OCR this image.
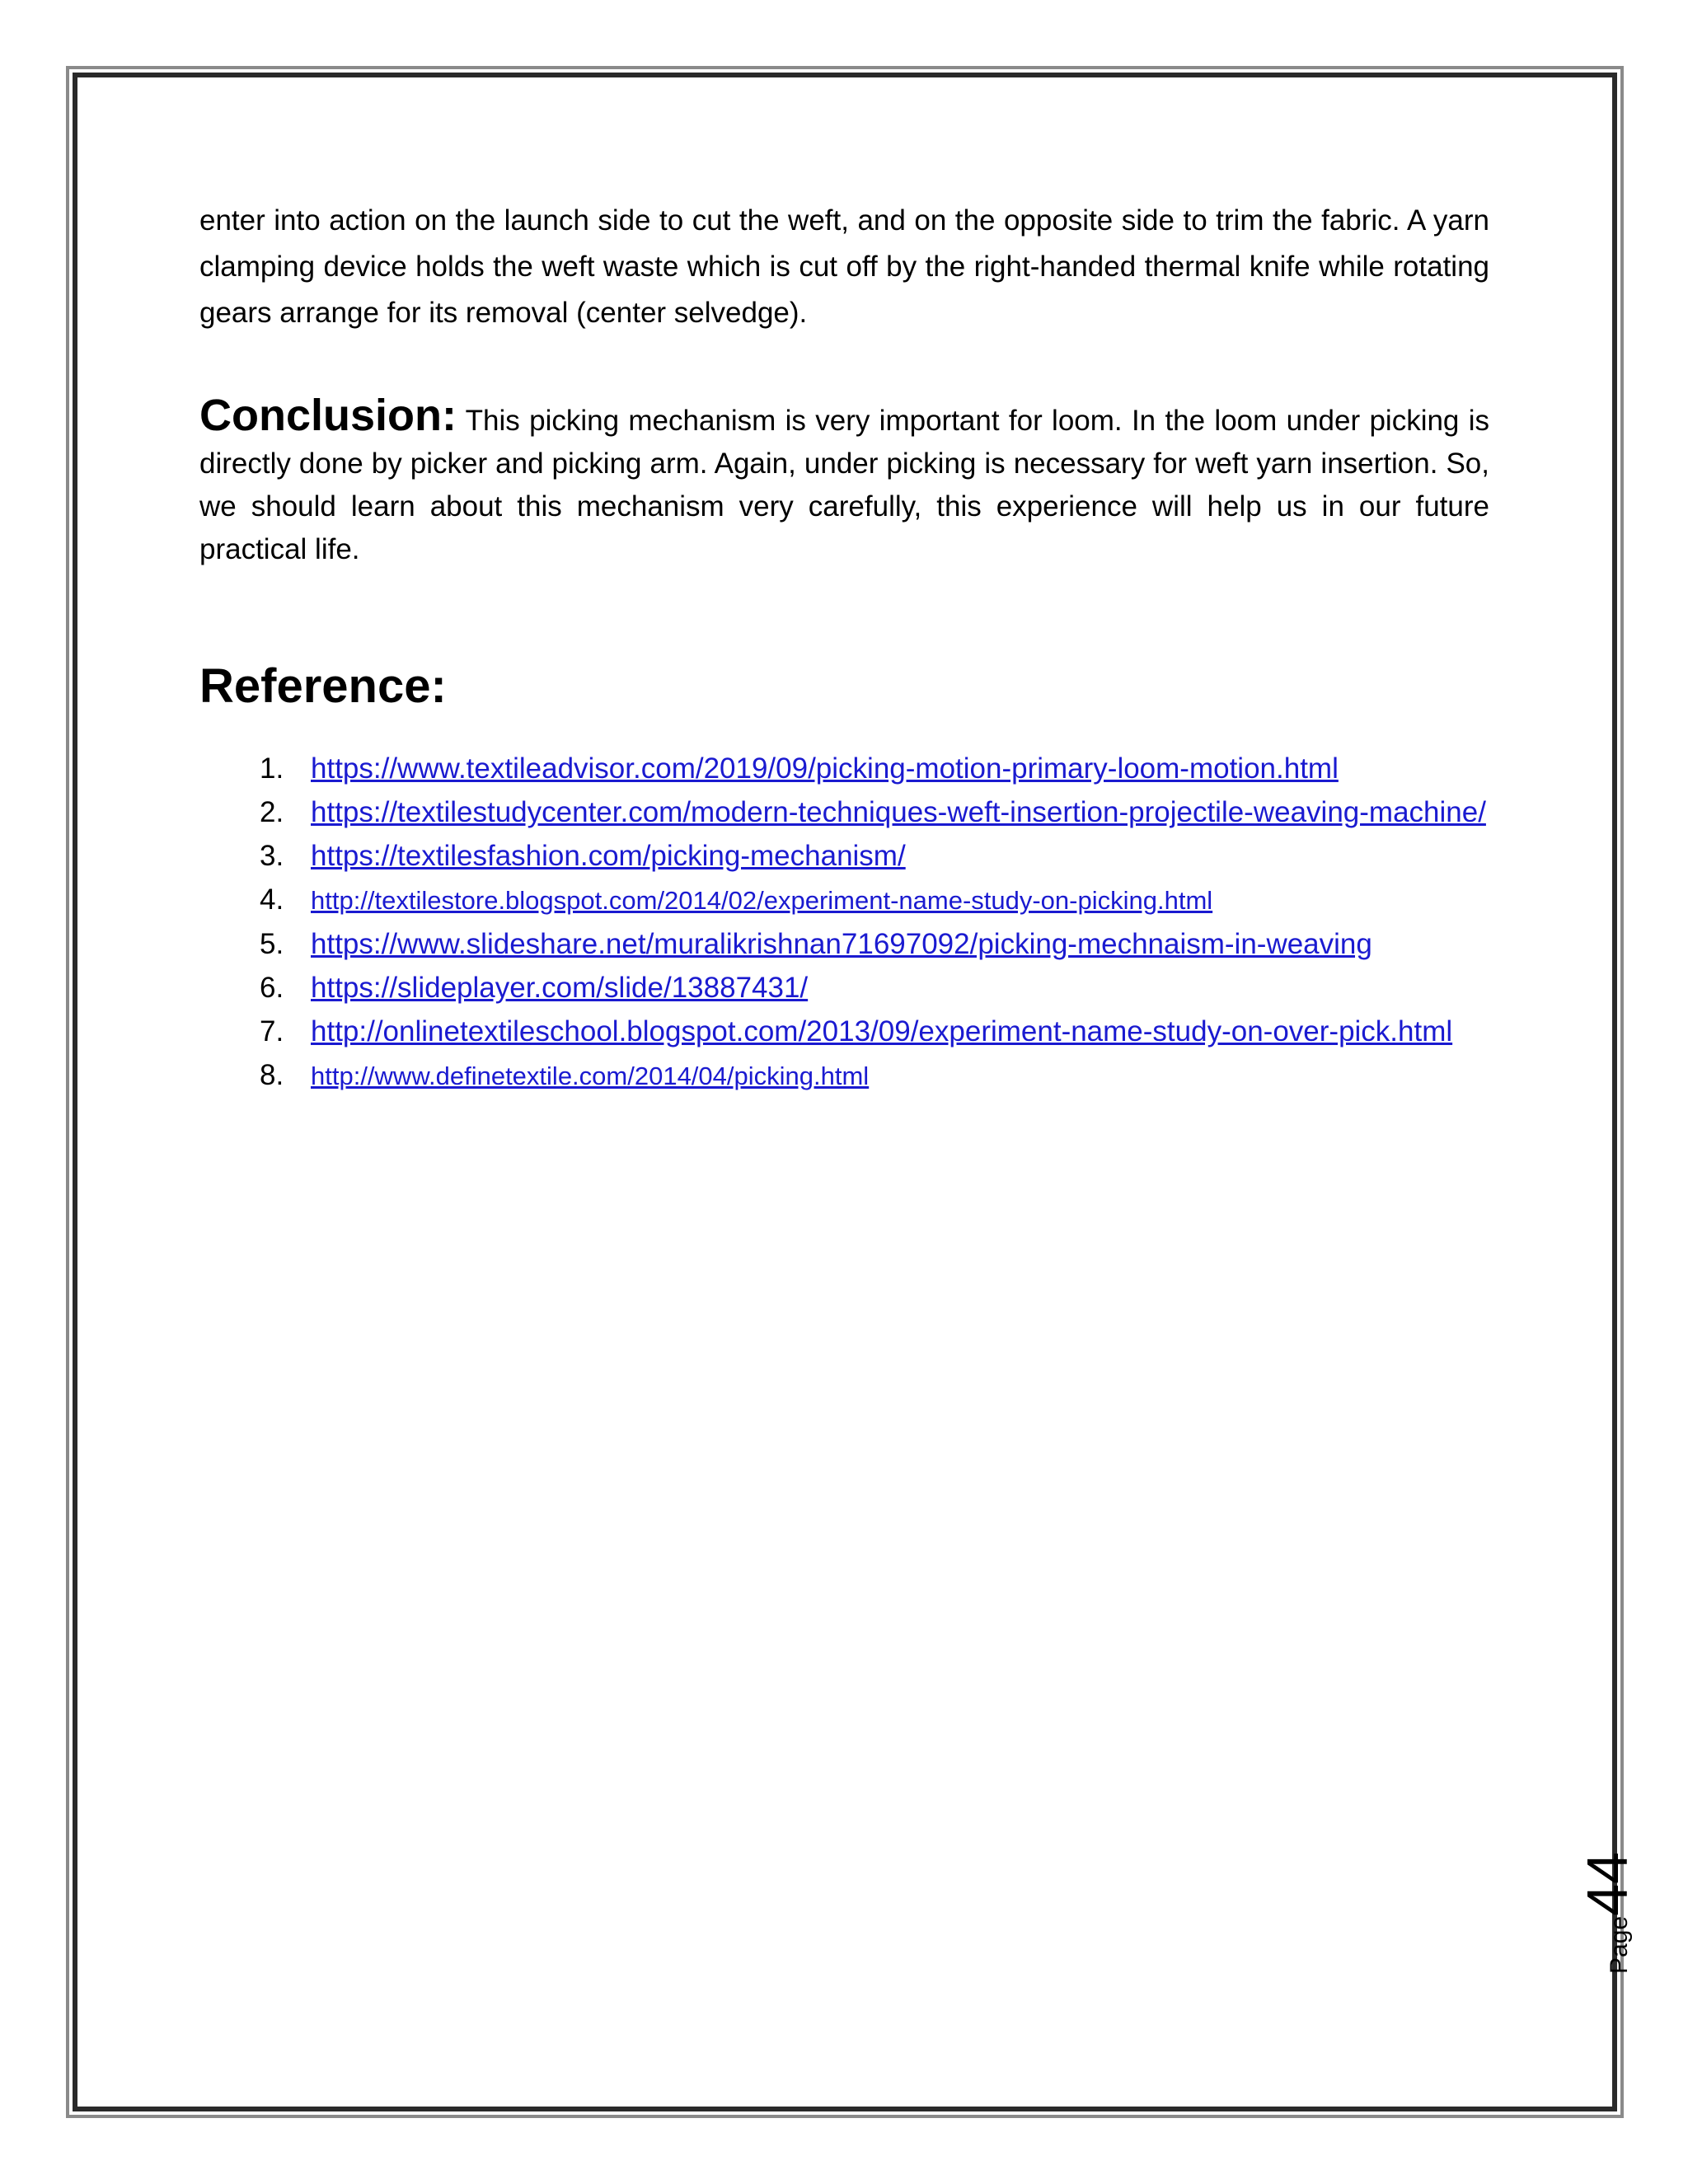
enter into action on the launch side to cut the weft, and on the opposite side to trim the fabric. A yarn clamping device holds the weft waste which is cut off by the right-handed thermal knife while rotating gears arrange for its removal (center selvedge).

Conclusion: This picking mechanism is very important for loom. In the loom under picking is directly done by picker and picking arm. Again, under picking is necessary for weft yarn insertion. So, we should learn about this mechanism very carefully, this experience will help us in our future practical life.

Reference:
1. https://www.textileadvisor.com/2019/09/picking-motion-primary-loom-motion.html
2. https://textilestudycenter.com/modern-techniques-weft-insertion-projectile-weaving-machine/
3. https://textilesfashion.com/picking-mechanism/
4. http://textilestore.blogspot.com/2014/02/experiment-name-study-on-picking.html
5. https://www.slideshare.net/muralikrishnan71697092/picking-mechnaism-in-weaving
6. https://slideplayer.com/slide/13887431/
7. http://onlinetextileschool.blogspot.com/2013/09/experiment-name-study-on-over-pick.html
8. http://www.definetextile.com/2014/04/picking.html
Page44
